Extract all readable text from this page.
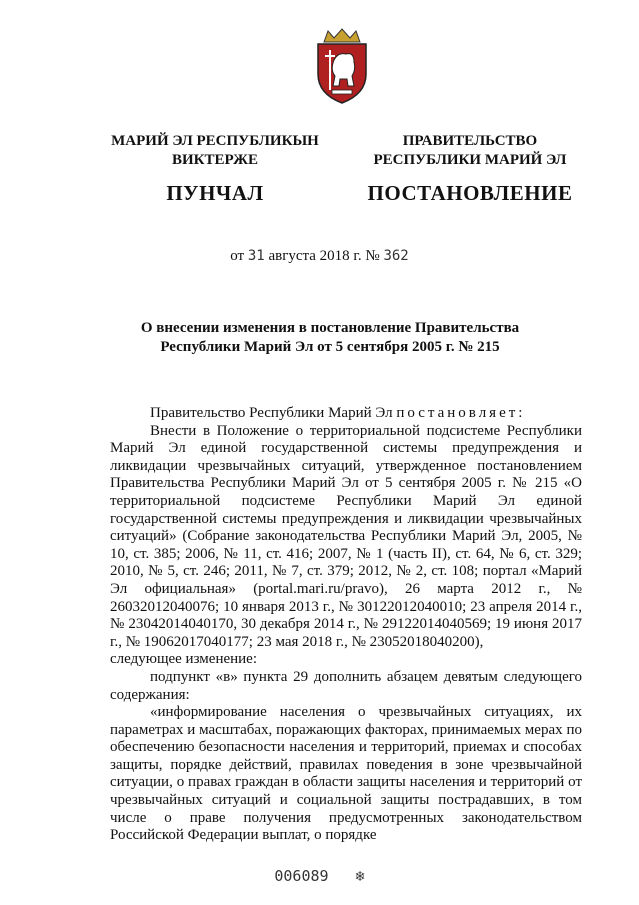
МАРИЙ ЭЛ РЕСПУБЛИКЫН
ВИКТЕРЖЕ
ПУНЧАЛ
ПРАВИТЕЛЬСТВО
РЕСПУБЛИКИ МАРИЙ ЭЛ
ПОСТАНОВЛЕНИЕ
от 31 августа 2018 г. № 362
О внесении изменения в постановление Правительства
Республики Марий Эл от 5 сентября 2005 г. № 215

Правительство Республики Марий Эл постановляет:

Внести в Положение о территориальной подсистеме Республики Марий Эл единой государственной системы предупреждения и ликвидации чрезвычайных ситуаций, утвержденное постановлением Правительства Республики Марий Эл от 5 сентября 2005 г. № 215 «О территориальной подсистеме Республики Марий Эл единой государственной системы предупреждения и ликвидации чрезвычайных ситуаций» (Собрание законодательства Республики Марий Эл, 2005, № 10, ст. 385; 2006, № 11, ст. 416; 2007, № 1 (часть II), ст. 64, № 6, ст. 329; 2010, № 5, ст. 246; 2011, № 7, ст. 379; 2012, № 2, ст. 108; портал «Марий Эл официальная» (portal.mari.ru/pravo), 26 марта 2012 г., № 26032012040076; 10 января 2013 г., № 30122012040010; 23 апреля 2014 г., № 23042014040170, 30 декабря 2014 г., № 29122014040569; 19 июня 2017 г., № 19062017040177; 23 мая 2018 г., № 23052018040200),

следующее изменение:

подпункт «в» пункта 29 дополнить абзацем девятым следующего содержания:

«информирование населения о чрезвычайных ситуациях, их параметрах и масштабах, поражающих факторах, принимаемых мерах по обеспечению безопасности населения и территорий, приемах и способах защиты, порядке действий, правилах поведения в зоне чрезвычайной ситуации, о правах граждан в области защиты населения и территорий от чрезвычайных ситуаций и социальной защиты пострадавших, в том числе о праве получения предусмотренных законодательством Российской Федерации выплат, о порядке

006089 ❄
